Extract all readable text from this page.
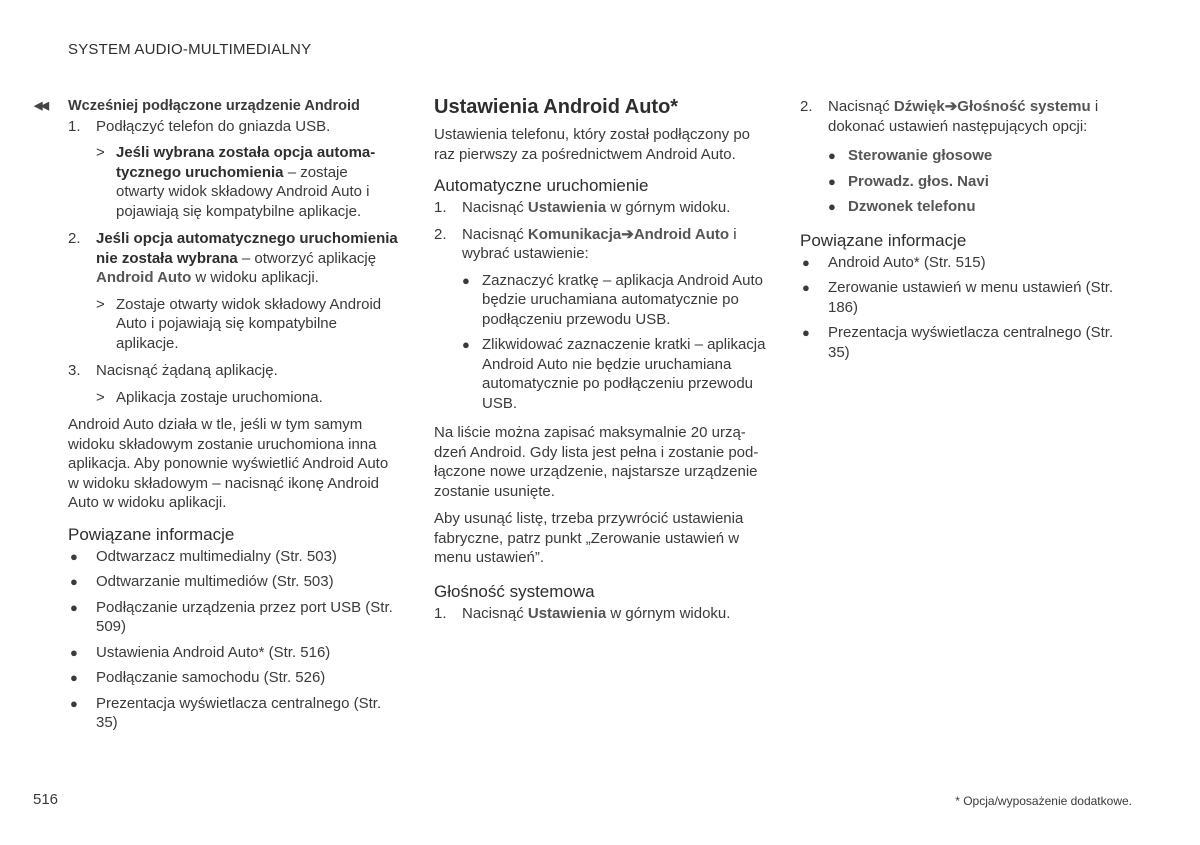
SYSTEM AUDIO-MULTIMEDIALNY
◀◀ Wcześniej podłączone urządzenie Android
1. Podłączyć telefon do gniazda USB.
> Jeśli wybrana została opcja automatycznego uruchomienia – zostaje otwarty widok składowy Android Auto i pojawiają się kompatybilne aplikacje.
2. Jeśli opcja automatycznego uruchomienia nie została wybrana – otworzyć aplikację Android Auto w widoku aplikacji.
> Zostaje otwarty widok składowy Android Auto i pojawiają się kompatybilne aplikacje.
3. Nacisnąć żądaną aplikację.
> Aplikacja zostaje uruchomiona.

Android Auto działa w tle, jeśli w tym samym widoku składowym zostanie uruchomiona inna aplikacja. Aby ponownie wyświetlić Android Auto w widoku składowym – nacisnąć ikonę Android Auto w widoku aplikacji.

Powiązane informacje
● Odtwarzacz multimedialny (Str. 503)
● Odtwarzanie multimediów (Str. 503)
● Podłączanie urządzenia przez port USB (Str. 509)
● Ustawienia Android Auto* (Str. 516)
● Podłączanie samochodu (Str. 526)
● Prezentacja wyświetlacza centralnego (Str. 35)
Ustawienia Android Auto*

Ustawienia telefonu, który został podłączony po raz pierwszy za pośrednictwem Android Auto.

Automatyczne uruchomienie
1. Nacisnąć Ustawienia w górnym widoku.
2. Nacisnąć Komunikacja➔Android Auto i wybrać ustawienie:
● Zaznaczyć kratkę – aplikacja Android Auto będzie uruchamiana automatycznie po podłączeniu przewodu USB.
● Zlikwidować zaznaczenie kratki – aplikacja Android Auto nie będzie uruchamiana automatycznie po podłączeniu przewodu USB.

Na liście można zapisać maksymalnie 20 urządzeń Android. Gdy lista jest pełna i zostanie podłączone nowe urządzenie, najstarsze urządzenie zostanie usunięte.

Aby usunąć listę, trzeba przywrócić ustawienia fabryczne, patrz punkt „Zerowanie ustawień w menu ustawień”.

Głośność systemowa
1. Nacisnąć Ustawienia w górnym widoku.
2. Nacisnąć Dźwięk➔Głośność systemu i dokonać ustawień następujących opcji:
● Sterowanie głosowe
● Prowadz. głos. Navi
● Dzwonek telefonu
Powiązane informacje
● Android Auto* (Str. 515)
● Zerowanie ustawień w menu ustawień (Str. 186)
● Prezentacja wyświetlacza centralnego (Str. 35)
516	* Opcja/wyposażenie dodatkowe.
